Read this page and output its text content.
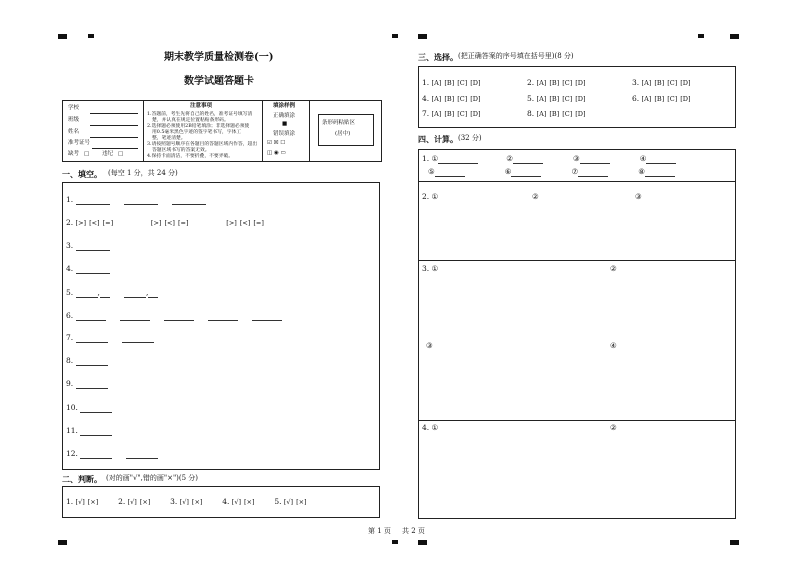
期末教学质量检测卷(一)
数学试题答题卡
学校
班级
姓名
准考证号
缺考 □ 违纪 □
注意事项
1.答题前，考生先将自己的姓名，准考证号填写清
楚，并认真在规定位置粘贴条形码。
2.选择题必须使用2B铅笔填涂；非选择题必须使
用0.5毫米黑色字迹的签字笔书写，字体工
整，笔迹清楚。
3.请按照题号顺序在各题目的答题区域内作答，超出
答题区域书写的答案无效。
4.保持卡面清洁，不要折叠，不要弄破。
填涂样例
正确填涂
■
错误填涂
☑ ☒ ☐
◫ ◉ ▭
条形码粘贴区
(居中)
一、填空。 (每空 1 分，共 24 分)
1.
2. [>] [<] [=]	[>] [<] [=]	[>] [<] [=]
3.
4.
5.	,	,
6.
7.
8.
9.
10.
11.
12.
二、判断。 (对的画"√",错的画"×")(5 分)
1. [√] [×]	2. [√] [×]	3. [√] [×]	4. [√] [×]	5. [√] [×]
三、选择。 (把正确答案的序号填在括号里)(8 分)
1. [A] [B] [C] [D]	2. [A] [B] [C] [D]	3. [A] [B] [C] [D]
4. [A] [B] [C] [D]	5. [A] [B] [C] [D]	6. [A] [B] [C] [D]
7. [A] [B] [C] [D]	8. [A] [B] [C] [D]
四、计算。 (32 分)
1. ①	②	③	④
⑤	⑥	⑦	⑧
2. ①	②	③
3. ①	②
③	④
4. ①	②
第 1 页 共 2 页
